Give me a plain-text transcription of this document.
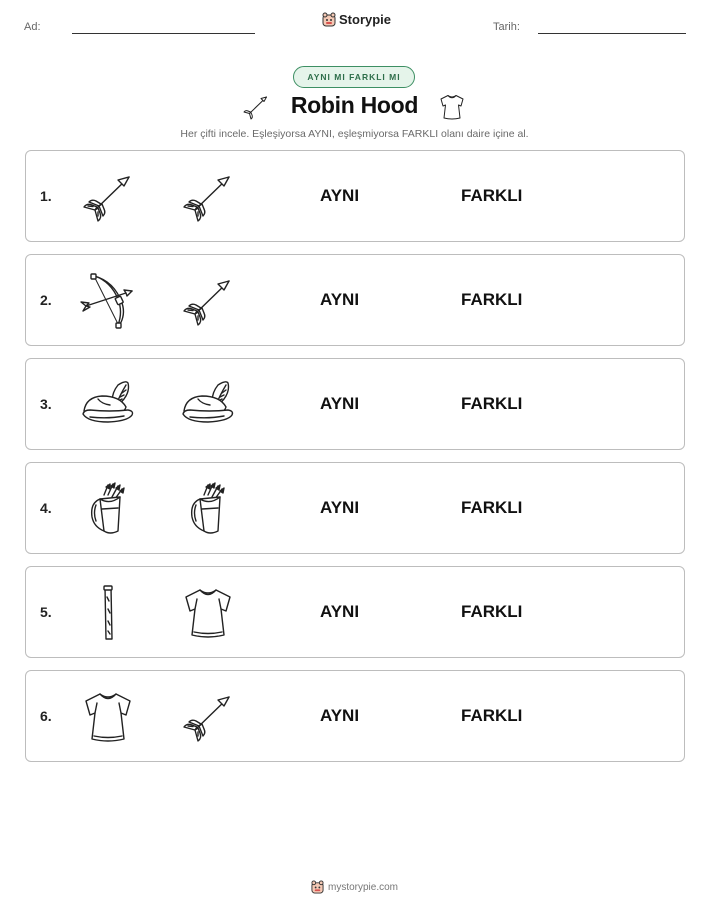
Ad:	Storypie	Tarih:
AYNI MI FARKLI MI
Robin Hood
Her çifti incele. Eşleşiyorsa AYNI, eşleşmiyorsa FARKLI olanı daire içine al.
1.	AYNI	FARKLI
2.	AYNI	FARKLI
3.	AYNI	FARKLI
4.	AYNI	FARKLI
5.	AYNI	FARKLI
6.	AYNI	FARKLI
mystorypie.com
